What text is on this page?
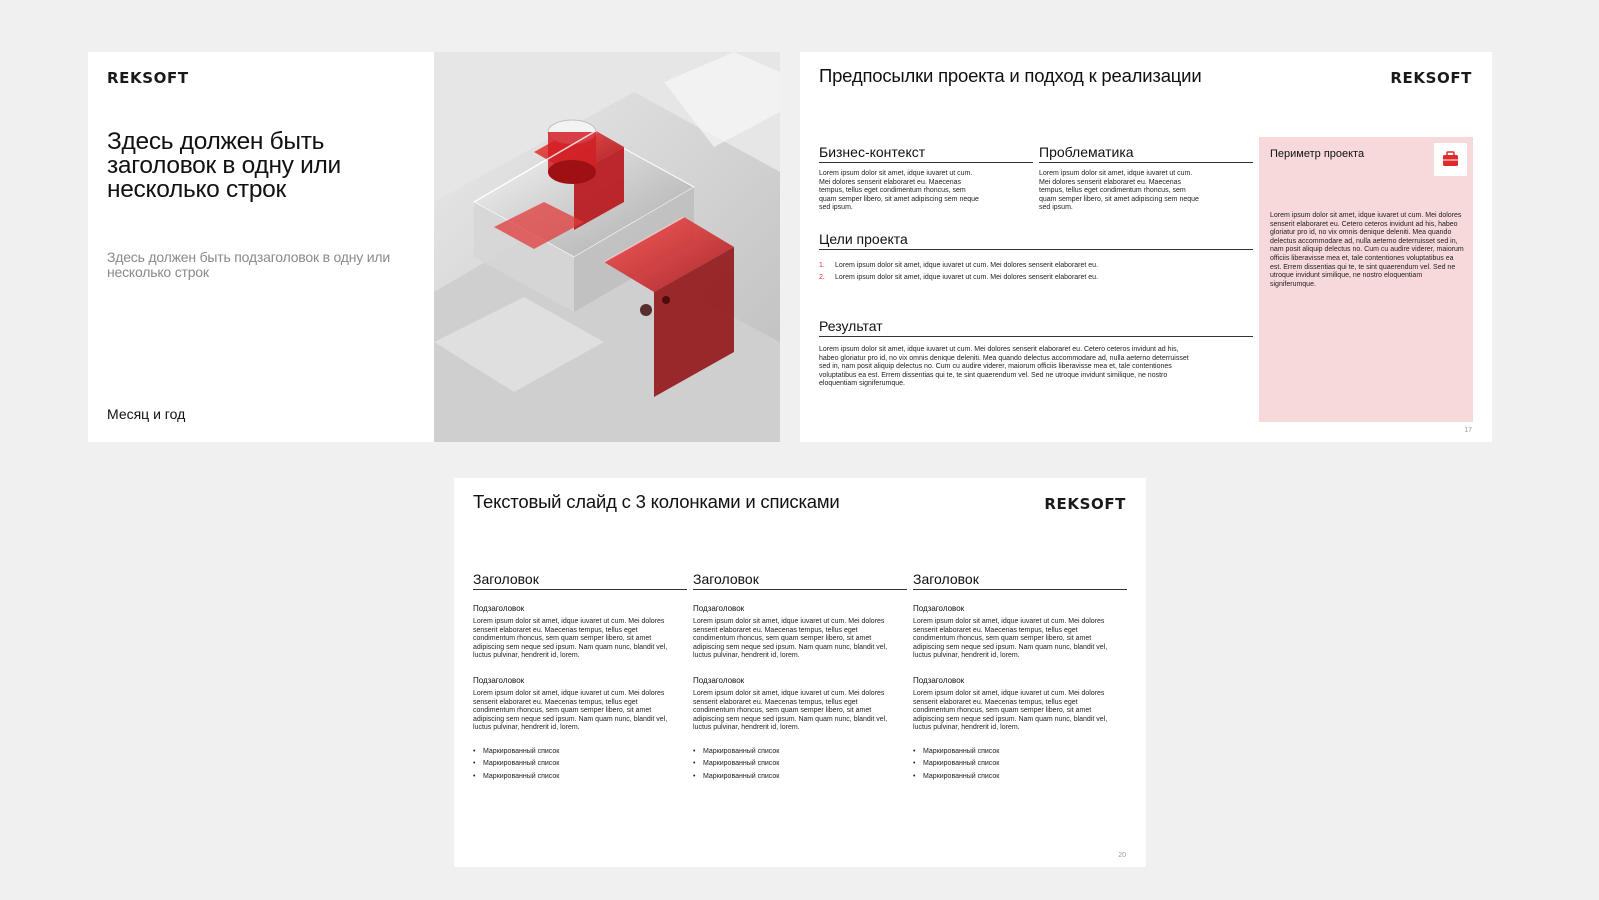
REKSOFT
Здесь должен быть заголовок в одну или несколько строк
Здесь должен быть подзаголовок в одну или несколько строк
Месяц и год
Предпосылки проекта и подход к реализации	REKSOFT
Бизнес-контекст
Lorem ipsum dolor sit amet, idque iuvaret ut cum. Mei dolores senserit elaboraret eu. Maecenas tempus, tellus eget condimentum rhoncus, sem quam semper libero, sit amet adipiscing sem neque sed ipsum.
Проблематика
Lorem ipsum dolor sit amet, idque iuvaret ut cum. Mei dolores senserit elaboraret eu. Maecenas tempus, tellus eget condimentum rhoncus, sem quam semper libero, sit amet adipiscing sem neque sed ipsum.
Цели проекта
1. Lorem ipsum dolor sit amet, idque iuvaret ut cum. Mei dolores senserit elaboraret eu.
2. Lorem ipsum dolor sit amet, idque iuvaret ut cum. Mei dolores senserit elaboraret eu.
Результат
Lorem ipsum dolor sit amet, idque iuvaret ut cum. Mei dolores senserit elaboraret eu. Cetero ceteros invidunt ad his, habeo gloriatur pro id, no vix omnis denique deleniti. Mea quando delectus accommodare ad, nulla aeterno deterruisset sed in, nam posit aliquip delectus no. Cum cu audire viderer, maiorum officiis liberavisse mea et, tale contentiones voluptatibus ea est. Errem dissentias qui te, te sint quaerendum vel. Sed ne utroque invidunt similique, ne nostro eloquentiam signiferumque.
Периметр проекта
Lorem ipsum dolor sit amet, idque iuvaret ut cum. Mei dolores senserit elaboraret eu. Cetero ceteros invidunt ad his, habeo gloriatur pro id, no vix omnis denique deleniti. Mea quando delectus accommodare ad, nulla aeterno deterruisset sed in, nam posit aliquip delectus no. Cum cu audire viderer, maiorum officiis liberavisse mea et, tale contentiones voluptatibus ea est. Errem dissentias qui te, te sint quaerendum vel. Sed ne utroque invidunt similique, ne nostro eloquentiam signiferumque.
17
Текстовый слайд с 3 колонками и списками	REKSOFT
Заголовок
Подзаголовок
Lorem ipsum dolor sit amet, idque iuvaret ut cum. Mei dolores senserit elaboraret eu. Maecenas tempus, tellus eget condimentum rhoncus, sem quam semper libero, sit amet adipiscing sem neque sed ipsum. Nam quam nunc, blandit vel, luctus pulvinar, hendrerit id, lorem.
Подзаголовок
Lorem ipsum dolor sit amet, idque iuvaret ut cum. Mei dolores senserit elaboraret eu. Maecenas tempus, tellus eget condimentum rhoncus, sem quam semper libero, sit amet adipiscing sem neque sed ipsum. Nam quam nunc, blandit vel, luctus pulvinar, hendrerit id, lorem.
• Маркированный список
• Маркированный список
• Маркированный список
Заголовок
Подзаголовок
Lorem ipsum dolor sit amet, idque iuvaret ut cum. Mei dolores senserit elaboraret eu. Maecenas tempus, tellus eget condimentum rhoncus, sem quam semper libero, sit amet adipiscing sem neque sed ipsum. Nam quam nunc, blandit vel, luctus pulvinar, hendrerit id, lorem.
Подзаголовок
Lorem ipsum dolor sit amet, idque iuvaret ut cum. Mei dolores senserit elaboraret eu. Maecenas tempus, tellus eget condimentum rhoncus, sem quam semper libero, sit amet adipiscing sem neque sed ipsum. Nam quam nunc, blandit vel, luctus pulvinar, hendrerit id, lorem.
• Маркированный список
• Маркированный список
• Маркированный список
Заголовок
Подзаголовок
Lorem ipsum dolor sit amet, idque iuvaret ut cum. Mei dolores senserit elaboraret eu. Maecenas tempus, tellus eget condimentum rhoncus, sem quam semper libero, sit amet adipiscing sem neque sed ipsum. Nam quam nunc, blandit vel, luctus pulvinar, hendrerit id, lorem.
Подзаголовок
Lorem ipsum dolor sit amet, idque iuvaret ut cum. Mei dolores senserit elaboraret eu. Maecenas tempus, tellus eget condimentum rhoncus, sem quam semper libero, sit amet adipiscing sem neque sed ipsum. Nam quam nunc, blandit vel, luctus pulvinar, hendrerit id, lorem.
• Маркированный список
• Маркированный список
• Маркированный список
20
